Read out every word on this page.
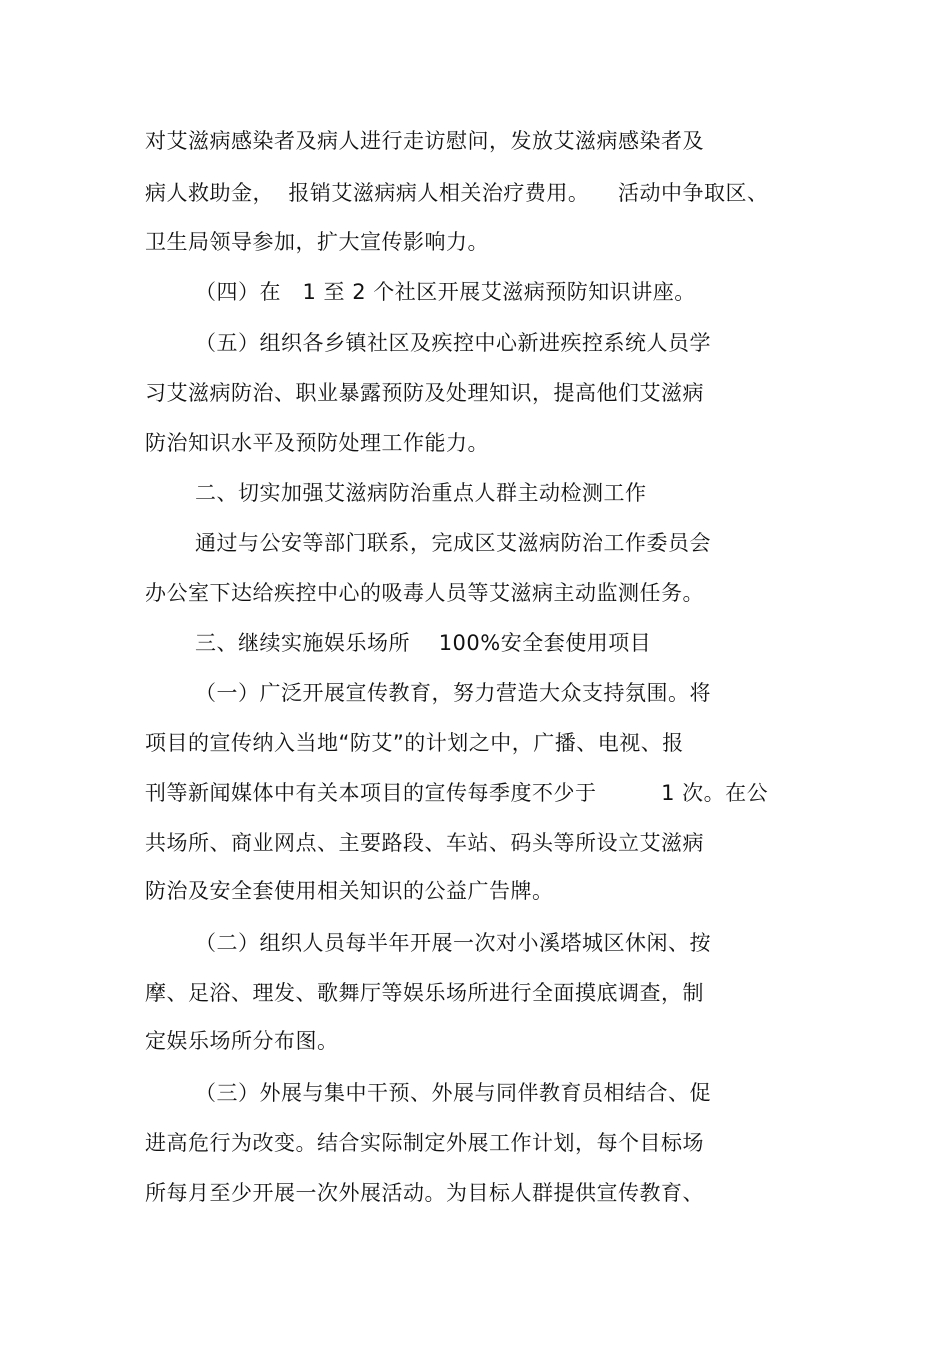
对艾滋病感染者及病人进行走访慰问，发放艾滋病感染者及
病人救助金，  报销艾滋病病人相关治疗费用。    活动中争取区、
卫生局领导参加，扩大宣传影响力。
（四）在   1 至 2 个社区开展艾滋病预防知识讲座。
（五）组织各乡镇社区及疾控中心新进疾控系统人员学
习艾滋病防治、职业暴露预防及处理知识，提高他们艾滋病
防治知识水平及预防处理工作能力。
二、切实加强艾滋病防治重点人群主动检测工作
通过与公安等部门联系，完成区艾滋病防治工作委员会
办公室下达给疾控中心的吸毒人员等艾滋病主动监测任务。
三、继续实施娱乐场所    100%安全套使用项目
（一）广泛开展宣传教育，努力营造大众支持氛围。将
项目的宣传纳入当地“防艾”的计划之中，广播、电视、报
刊等新闻媒体中有关本项目的宣传每季度不少于         1 次。在公
共场所、商业网点、主要路段、车站、码头等所设立艾滋病
防治及安全套使用相关知识的公益广告牌。
（二）组织人员每半年开展一次对小溪塔城区休闲、按
摩、足浴、理发、歌舞厅等娱乐场所进行全面摸底调查，制
定娱乐场所分布图。
（三）外展与集中干预、外展与同伴教育员相结合、促
进高危行为改变。结合实际制定外展工作计划，每个目标场
所每月至少开展一次外展活动。为目标人群提供宣传教育、
